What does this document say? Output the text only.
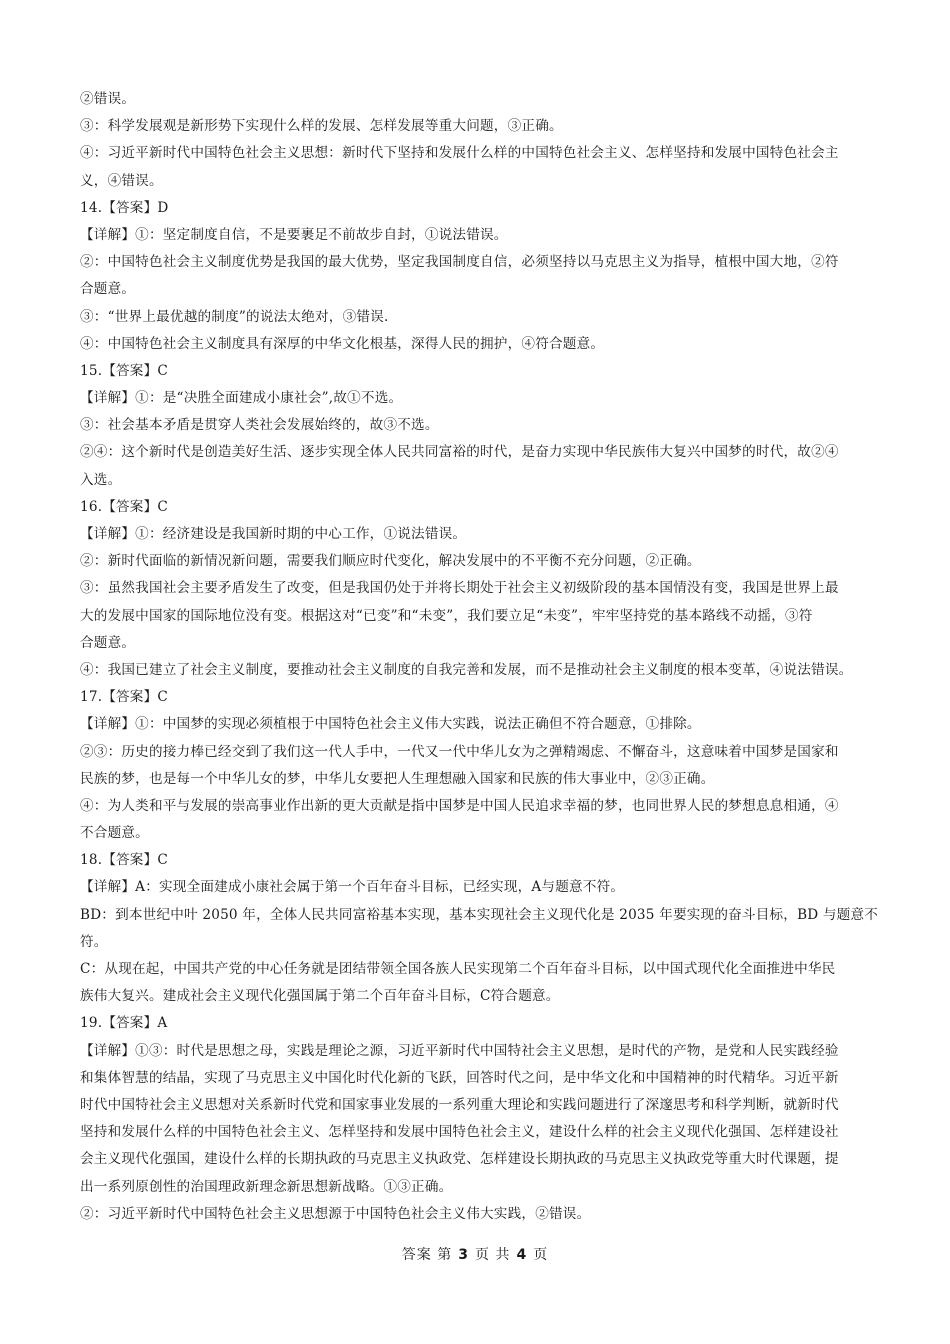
②错误。
③：科学发展观是新形势下实现什么样的发展、怎样发展等重大问题，③正确。
④：习近平新时代中国特色社会主义思想：新时代下坚持和发展什么样的中国特色社会主义、怎样坚持和发展中国特色社会主
义，④错误。
14.【答案】D
【详解】①：坚定制度自信，不是要裹足不前故步自封，①说法错误。
②：中国特色社会主义制度优势是我国的最大优势，坚定我国制度自信，必须坚持以马克思主义为指导，植根中国大地，②符
合题意。
③：“世界上最优越的制度”的说法太绝对，③错误.
④：中国特色社会主义制度具有深厚的中华文化根基，深得人民的拥护，④符合题意。
15.【答案】C
【详解】①：是“决胜全面建成小康社会”,故①不选。
③：社会基本矛盾是贯穿人类社会发展始终的，故③不选。
②④：这个新时代是创造美好生活、逐步实现全体人民共同富裕的时代，是奋力实现中华民族伟大复兴中国梦的时代，故②④
入选。
16.【答案】C
【详解】①：经济建设是我国新时期的中心工作，①说法错误。
②：新时代面临的新情况新问题，需要我们顺应时代变化，解决发展中的不平衡不充分问题，②正确。
③：虽然我国社会主要矛盾发生了改变，但是我国仍处于并将长期处于社会主义初级阶段的基本国情没有变，我国是世界上最
大的发展中国家的国际地位没有变。根据这对“已变”和“未变”，我们要立足“未变”，牢牢坚持党的基本路线不动摇，③符
合题意。
④：我国已建立了社会主义制度，要推动社会主义制度的自我完善和发展，而不是推动社会主义制度的根本变革，④说法错误。
17.【答案】C
【详解】①：中国梦的实现必须植根于中国特色社会主义伟大实践，说法正确但不符合题意，①排除。
②③：历史的接力棒已经交到了我们这一代人手中，一代又一代中华儿女为之弹精竭虑、不懈奋斗，这意味着中国梦是国家和
民族的梦，也是每一个中华儿女的梦，中华儿女要把人生理想融入国家和民族的伟大事业中，②③正确。
④：为人类和平与发展的崇高事业作出新的更大贡献是指中国梦是中国人民追求幸福的梦，也同世界人民的梦想息息相通，④
不合题意。
18.【答案】C
【详解】A：实现全面建成小康社会属于第一个百年奋斗目标，已经实现，A与题意不符。
BD：到本世纪中叶 2050 年，全体人民共同富裕基本实现，基本实现社会主义现代化是 2035 年要实现的奋斗目标，BD 与题意不
符。
C：从现在起，中国共产党的中心任务就是团结带领全国各族人民实现第二个百年奋斗目标，以中国式现代化全面推进中华民
族伟大复兴。建成社会主义现代化强国属于第二个百年奋斗目标，C符合题意。
19.【答案】A
【详解】①③：时代是思想之母，实践是理论之源，习近平新时代中国特社会主义思想，是时代的产物，是党和人民实践经验
和集体智慧的结晶，实现了马克思主义中国化时代化新的飞跃，回答时代之问，是中华文化和中国精神的时代精华。习近平新
时代中国特社会主义思想对关系新时代党和国家事业发展的一系列重大理论和实践问题进行了深邃思考和科学判断，就新时代
坚持和发展什么样的中国特色社会主义、怎样坚持和发展中国特色社会主义，建设什么样的社会主义现代化强国、怎样建设社
会主义现代化强国，建设什么样的长期执政的马克思主义执政党、怎样建设长期执政的马克思主义执政党等重大时代课题，提
出一系列原创性的治国理政新理念新思想新战略。①③正确。
②：习近平新时代中国特色社会主义思想源于中国特色社会主义伟大实践，②错误。
答案 第 3 页 共 4 页
